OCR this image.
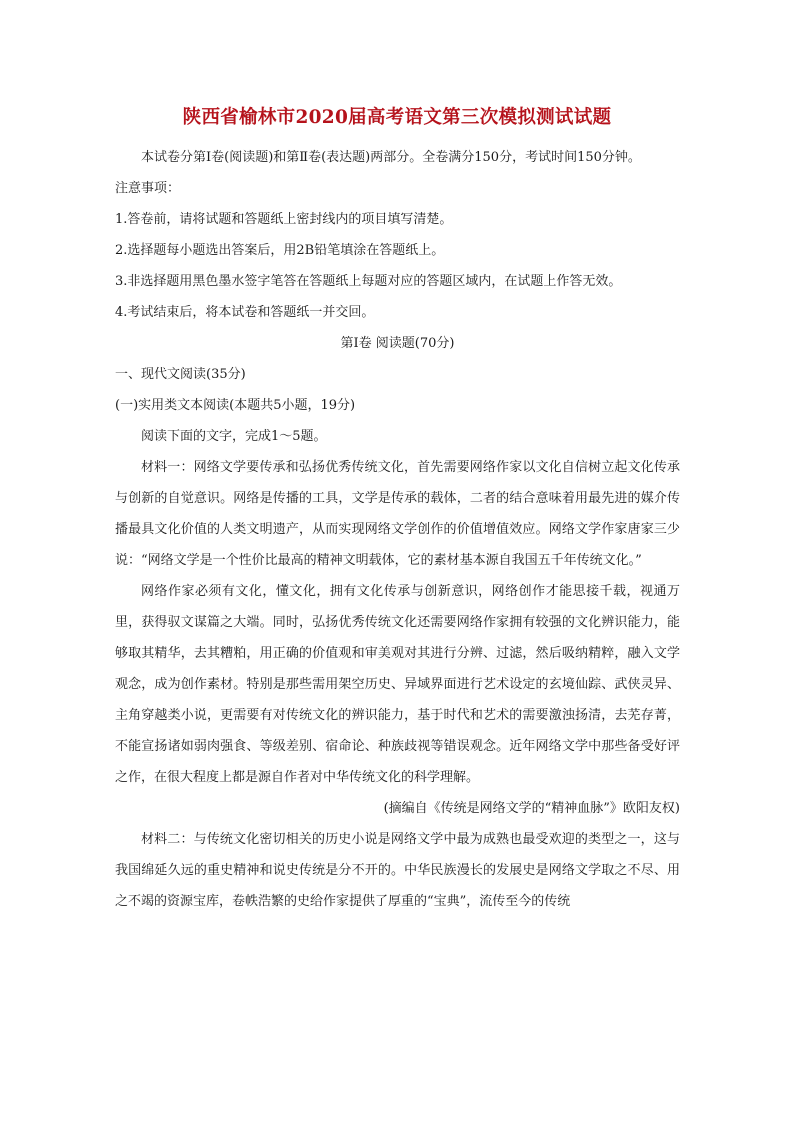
陕西省榆林市2020届高考语文第三次模拟测试试题

本试卷分第Ⅰ卷(阅读题)和第Ⅱ卷(表达题)两部分。全卷满分150分，考试时间150分钟。

注意事项：

1.答卷前，请将试题和答题纸上密封线内的项目填写清楚。

2.选择题每小题选出答案后，用2B铅笔填涂在答题纸上。

3.非选择题用黑色墨水签字笔答在答题纸上每题对应的答题区域内，在试题上作答无效。

4.考试结束后，将本试卷和答题纸一并交回。

第Ⅰ卷 阅读题(70分)

一、现代文阅读(35分)

(一)实用类文本阅读(本题共5小题，19分)

阅读下面的文字，完成1～5题。

材料一：网络文学要传承和弘扬优秀传统文化，首先需要网络作家以文化自信树立起文化传承与创新的自觉意识。网络是传播的工具，文学是传承的载体，二者的结合意味着用最先进的媒介传播最具文化价值的人类文明遗产，从而实现网络文学创作的价值增值效应。网络文学作家唐家三少说：“网络文学是一个性价比最高的精神文明载体，它的素材基本源自我国五千年传统文化。”

网络作家必须有文化，懂文化，拥有文化传承与创新意识，网络创作才能思接千载，视通万里，获得驭文谋篇之大端。同时，弘扬优秀传统文化还需要网络作家拥有较强的文化辨识能力，能够取其精华，去其糟粕，用正确的价值观和审美观对其进行分辨、过滤，然后吸纳精粹，融入文学观念，成为创作素材。特别是那些需用架空历史、异域界面进行艺术设定的玄境仙踪、武侠灵异、主角穿越类小说，更需要有对传统文化的辨识能力，基于时代和艺术的需要激浊扬清，去芜存菁，不能宣扬诸如弱肉强食、等级差别、宿命论、种族歧视等错误观念。近年网络文学中那些备受好评之作，在很大程度上都是源自作者对中华传统文化的科学理解。

(摘编自《传统是网络文学的“精神血脉”》欧阳友权)

材料二：与传统文化密切相关的历史小说是网络文学中最为成熟也最受欢迎的类型之一，这与我国绵延久远的重史精神和说史传统是分不开的。中华民族漫长的发展史是网络文学取之不尽、用之不竭的资源宝库，卷帙浩繁的史给作家提供了厚重的“宝典”，流传至今的传统
